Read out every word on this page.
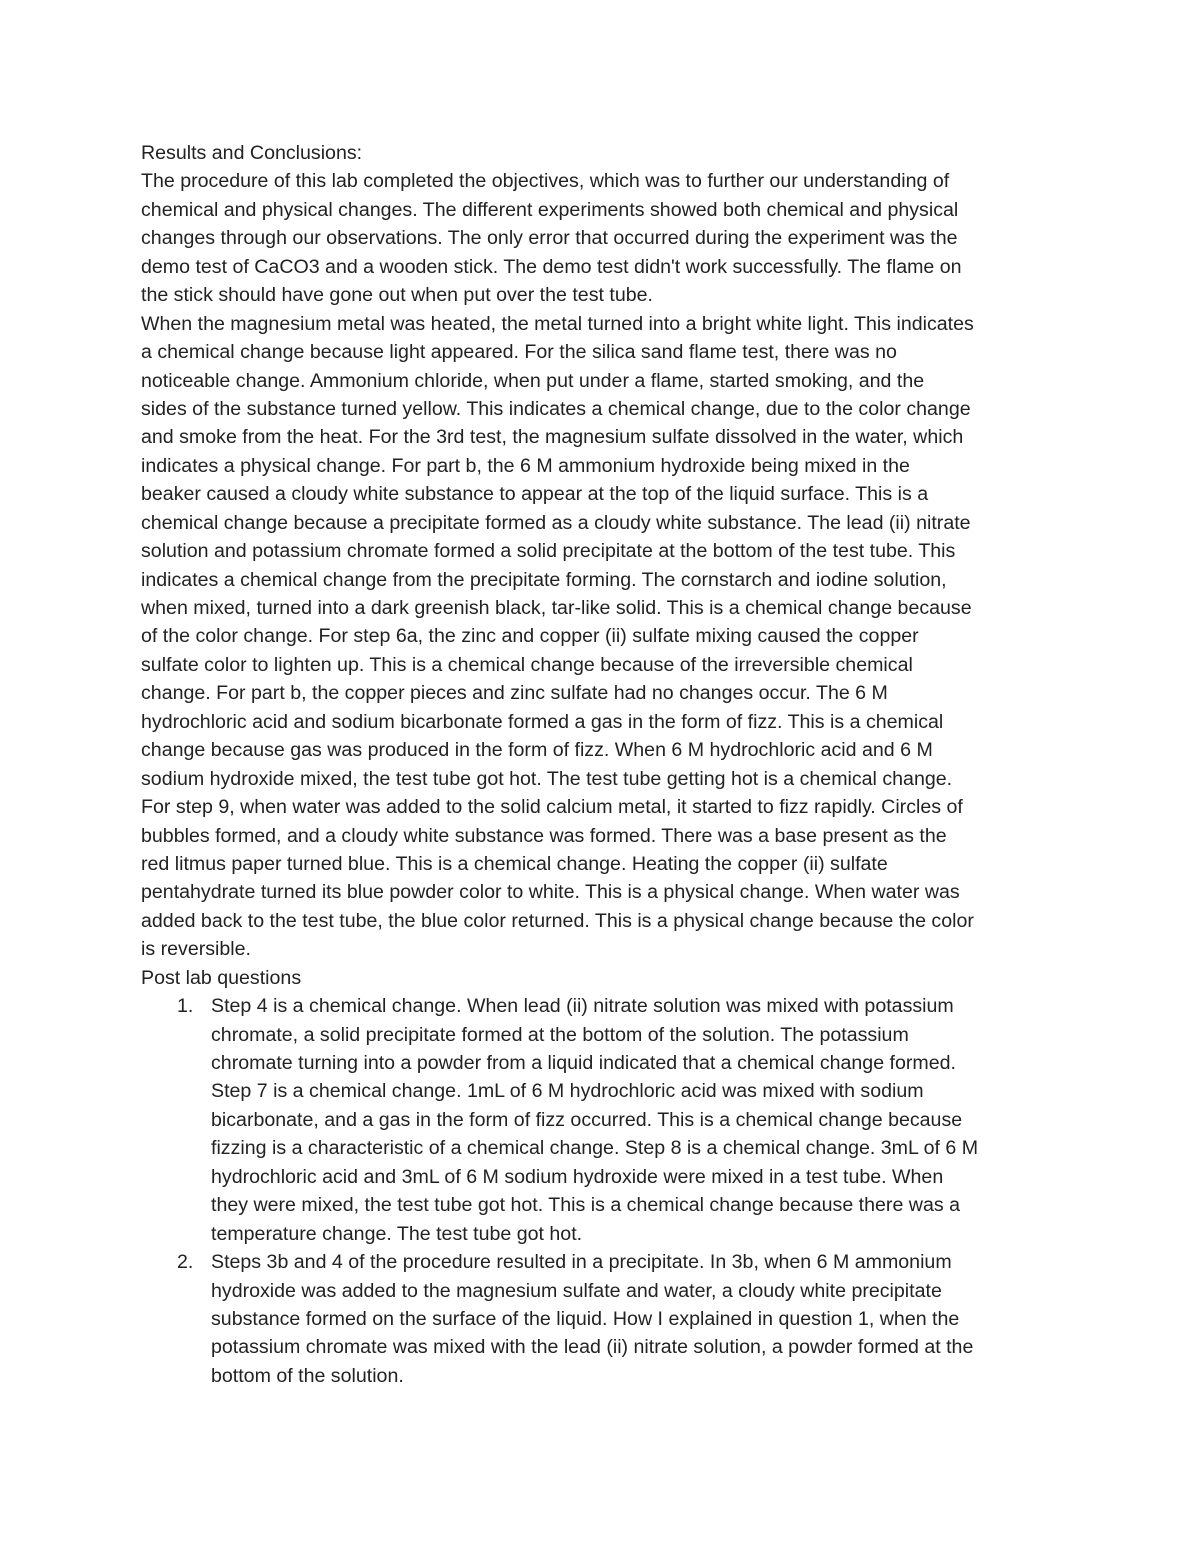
Results and Conclusions:
The procedure of this lab completed the objectives, which was to further our understanding of
chemical and physical changes. The different experiments showed both chemical and physical
changes through our observations. The only error that occurred during the experiment was the
demo test of CaCO3 and a wooden stick. The demo test didn't work successfully. The flame on
the stick should have gone out when put over the test tube.
When the magnesium metal was heated, the metal turned into a bright white light. This indicates
a chemical change because light appeared. For the silica sand flame test, there was no
noticeable change. Ammonium chloride, when put under a flame, started smoking, and the
sides of the substance turned yellow. This indicates a chemical change, due to the color change
and smoke from the heat. For the 3rd test, the magnesium sulfate dissolved in the water, which
indicates a physical change. For part b, the 6 M ammonium hydroxide being mixed in the
beaker caused a cloudy white substance to appear at the top of the liquid surface. This is a
chemical change because a precipitate formed as a cloudy white substance. The lead (ii) nitrate
solution and potassium chromate formed a solid precipitate at the bottom of the test tube. This
indicates a chemical change from the precipitate forming. The cornstarch and iodine solution,
when mixed, turned into a dark greenish black, tar-like solid. This is a chemical change because
of the color change. For step 6a, the zinc and copper (ii) sulfate mixing caused the copper
sulfate color to lighten up. This is a chemical change because of the irreversible chemical
change. For part b, the copper pieces and zinc sulfate had no changes occur. The 6 M
hydrochloric acid and sodium bicarbonate formed a gas in the form of fizz. This is a chemical
change because gas was produced in the form of fizz. When 6 M hydrochloric acid and 6 M
sodium hydroxide mixed, the test tube got hot. The test tube getting hot is a chemical change.
For step 9, when water was added to the solid calcium metal, it started to fizz rapidly. Circles of
bubbles formed, and a cloudy white substance was formed. There was a base present as the
red litmus paper turned blue. This is a chemical change. Heating the copper (ii) sulfate
pentahydrate turned its blue powder color to white. This is a physical change. When water was
added back to the test tube, the blue color returned. This is a physical change because the color
is reversible.
Post lab questions
1. Step 4 is a chemical change. When lead (ii) nitrate solution was mixed with potassium
chromate, a solid precipitate formed at the bottom of the solution. The potassium
chromate turning into a powder from a liquid indicated that a chemical change formed.
Step 7 is a chemical change. 1mL of 6 M hydrochloric acid was mixed with sodium
bicarbonate, and a gas in the form of fizz occurred. This is a chemical change because
fizzing is a characteristic of a chemical change. Step 8 is a chemical change. 3mL of 6 M
hydrochloric acid and 3mL of 6 M sodium hydroxide were mixed in a test tube. When
they were mixed, the test tube got hot. This is a chemical change because there was a
temperature change. The test tube got hot.
2. Steps 3b and 4 of the procedure resulted in a precipitate. In 3b, when 6 M ammonium
hydroxide was added to the magnesium sulfate and water, a cloudy white precipitate
substance formed on the surface of the liquid. How I explained in question 1, when the
potassium chromate was mixed with the lead (ii) nitrate solution, a powder formed at the
bottom of the solution.
